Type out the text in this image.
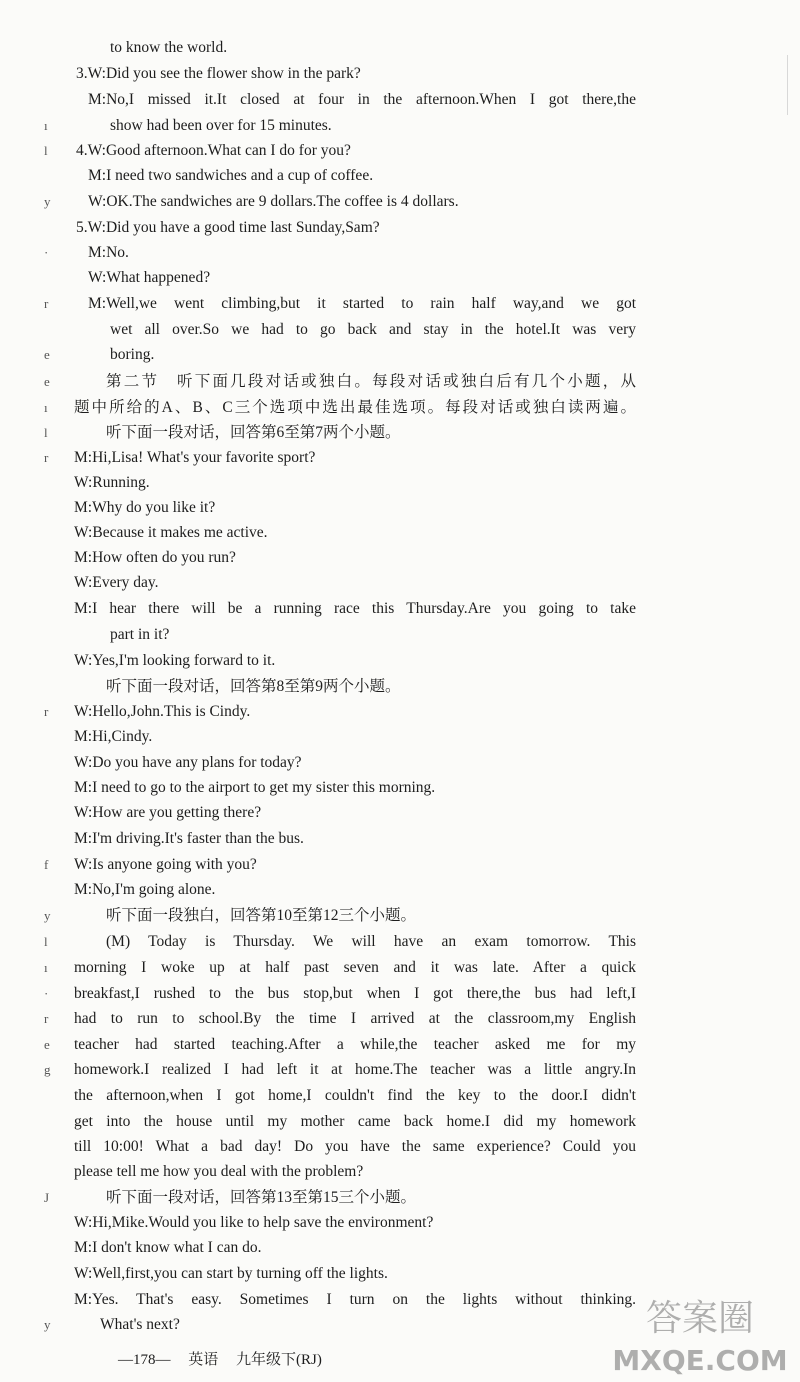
to know the world.
3.W:Did you see the flower show in the park?
M:No,I missed it.It closed at four in the afternoon.When I got there,the
show had been over for 15 minutes.
4.W:Good afternoon.What can I do for you?
M:I need two sandwiches and a cup of coffee.
W:OK.The sandwiches are 9 dollars.The coffee is 4 dollars.
5.W:Did you have a good time last Sunday,Sam?
M:No.
W:What happened?
M:Well,we went climbing,but it started to rain half way,and we got
wet all over.So we had to go back and stay in the hotel.It was very
boring.
第二节　听下面几段对话或独白。每段对话或独白后有几个小题，从
题中所给的A、B、C三个选项中选出最佳选项。每段对话或独白读两遍。
听下面一段对话，回答第6至第7两个小题。
M:Hi,Lisa! What's your favorite sport?
W:Running.
M:Why do you like it?
W:Because it makes me active.
M:How often do you run?
W:Every day.
M:I hear there will be a running race this Thursday.Are you going to take
part in it?
W:Yes,I'm looking forward to it.
听下面一段对话，回答第8至第9两个小题。
W:Hello,John.This is Cindy.
M:Hi,Cindy.
W:Do you have any plans for today?
M:I need to go to the airport to get my sister this morning.
W:How are you getting there?
M:I'm driving.It's faster than the bus.
W:Is anyone going with you?
M:No,I'm going alone.
听下面一段独白，回答第10至第12三个小题。
(M) Today is Thursday. We will have an exam tomorrow. This
morning I woke up at half past seven and it was late. After a quick
breakfast,I rushed to the bus stop,but when I got there,the bus had left,I
had to run to school.By the time I arrived at the classroom,my English
teacher had started teaching.After a while,the teacher asked me for my
homework.I realized I had left it at home.The teacher was a little angry.In
the afternoon,when I got home,I couldn't find the key to the door.I didn't
get into the house until my mother came back home.I did my homework
till 10:00! What a bad day! Do you have the same experience? Could you
please tell me how you deal with the problem?
听下面一段对话，回答第13至第15三个小题。
W:Hi,Mike.Would you like to help save the environment?
M:I don't know what I can do.
W:Well,first,you can start by turning off the lights.
M:Yes. That's easy. Sometimes I turn on the lights without thinking.
What's next?
ı
l
y
·
r
e
e
ı
l
r
r
f
y
l
ı
·
r
e
g
J
y
—178— 英语 九年级下(RJ)
答案圈
MXQE.COM
